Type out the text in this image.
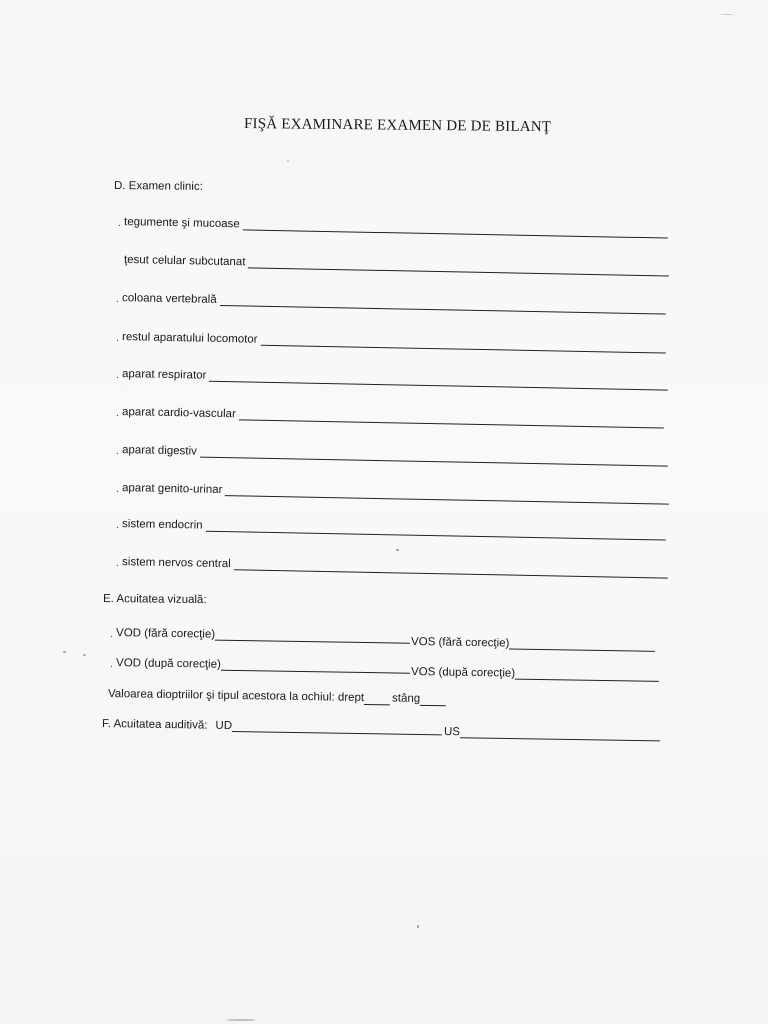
FIŞĂ EXAMINARE EXAMEN DE DE BILANŢ
D. Examen clinic:
. tegumente şi mucoase
ţesut celular subcutanat
. coloana vertebrală
. restul aparatului locomotor
. aparat respirator
. aparat cardio-vascular
. aparat digestiv
. aparat genito-urinar
. sistem endocrin
. sistem nervos central
E. Acuitatea vizuală:
. VOD (fără corecţie)
VOS (fără corecţie)
. VOD (după corecţie)
VOS (după corecţie)
Valoarea dioptriilor şi tipul acestora la ochiul: drept stâng
F. Acuitatea auditivă: UD
US
